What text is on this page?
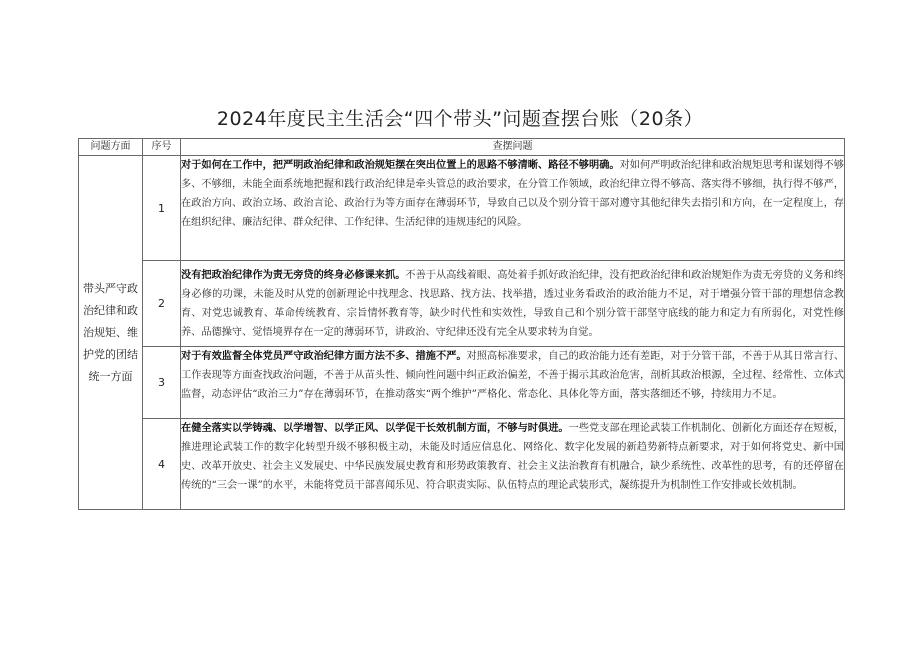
2024年度民主生活会“四个带头”问题查摆台账（20条）
问题方面	序号	查摆问题
带头严守政治纪律和政治规矩、维护党的团结统一方面	1	对于如何在工作中，把严明政治纪律和政治规矩摆在突出位置上的思路不够清晰、路径不够明确。对如何严明政治纪律和政治规矩思考和谋划得不够多、不够细，未能全面系统地把握和践行政治纪律是牵头管总的政治要求，在分管工作领域，政治纪律立得不够高、落实得不够细，执行得不够严，在政治方向、政治立场、政治言论、政治行为等方面存在薄弱环节，导致自己以及个别分管干部对遵守其他纪律失去指引和方向，在一定程度上，存在组织纪律、廉洁纪律、群众纪律、工作纪律、生活纪律的违规违纪的风险。
	2	没有把政治纪律作为责无旁贷的终身必修课来抓。不善于从高线着眼、高处着手抓好政治纪律，没有把政治纪律和政治规矩作为责无旁贷的义务和终身必修的功课，未能及时从党的创新理论中找理念、找思路、找方法、找举措，透过业务看政治的政治能力不足，对于增强分管干部的理想信念教育、对党忠诚教育、革命传统教育、宗旨情怀教育等，缺少时代性和实效性，导致自己和个别分管干部坚守底线的能力和定力有所弱化，对党性修养、品德操守、觉悟境界存在一定的薄弱环节，讲政治、守纪律还没有完全从要求转为自觉。
	3	对于有效监督全体党员严守政治纪律方面方法不多、措施不严。对照高标准要求，自己的政治能力还有差距，对于分管干部，不善于从其日常言行、工作表现等方面查找政治问题，不善于从苗头性、倾向性问题中纠正政治偏差，不善于揭示其政治危害，剖析其政治根源，全过程、经常性、立体式监督，动态评估“政治三力”存在薄弱环节，在推动落实“两个维护”严格化、常态化、具体化等方面，落实落细还不够，持续用力不足。
	4	在健全落实以学铸魂、以学增智、以学正风、以学促干长效机制方面，不够与时俱进。一些党支部在理论武装工作机制化、创新化方面还存在短板，推进理论武装工作的数字化转型升级不够积极主动，未能及时适应信息化、网络化、数字化发展的新趋势新特点新要求，对于如何将党史、新中国史、改革开放史、社会主义发展史、中华民族发展史教育和形势政策教育、社会主义法治教育有机融合，缺少系统性、改革性的思考，有的还停留在传统的“三会一课”的水平，未能将党员干部喜闻乐见、符合职责实际、队伍特点的理论武装形式，凝练提升为机制性工作安排或长效机制。
